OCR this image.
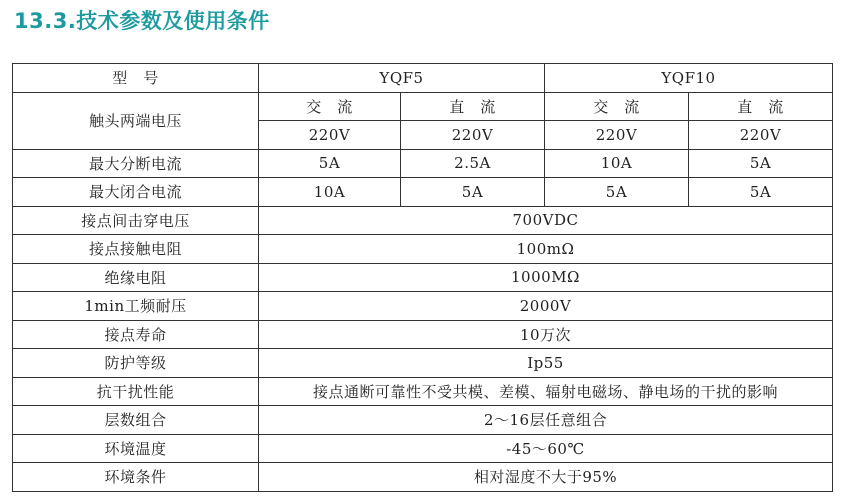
13.3.技术参数及使用条件
型　号	YQF5		YQF10	
触头两端电压	交　流	直　流	交　流	直　流
	220V	220V	220V	220V
最大分断电流	5A	2.5A	10A	5A
最大闭合电流	10A	5A	5A	5A
接点间击穿电压	700VDC			
接点接触电阻	100mΩ			
绝缘电阻	1000MΩ			
1min工频耐压	2000V			
接点寿命	10万次			
防护等级	Ip55			
抗干扰性能	接点通断可靠性不受共模、差模、辐射电磁场、静电场的干扰的影响			
层数组合	2～16层任意组合			
环境温度	-45～60℃			
环境条件	相对湿度不大于95%			
